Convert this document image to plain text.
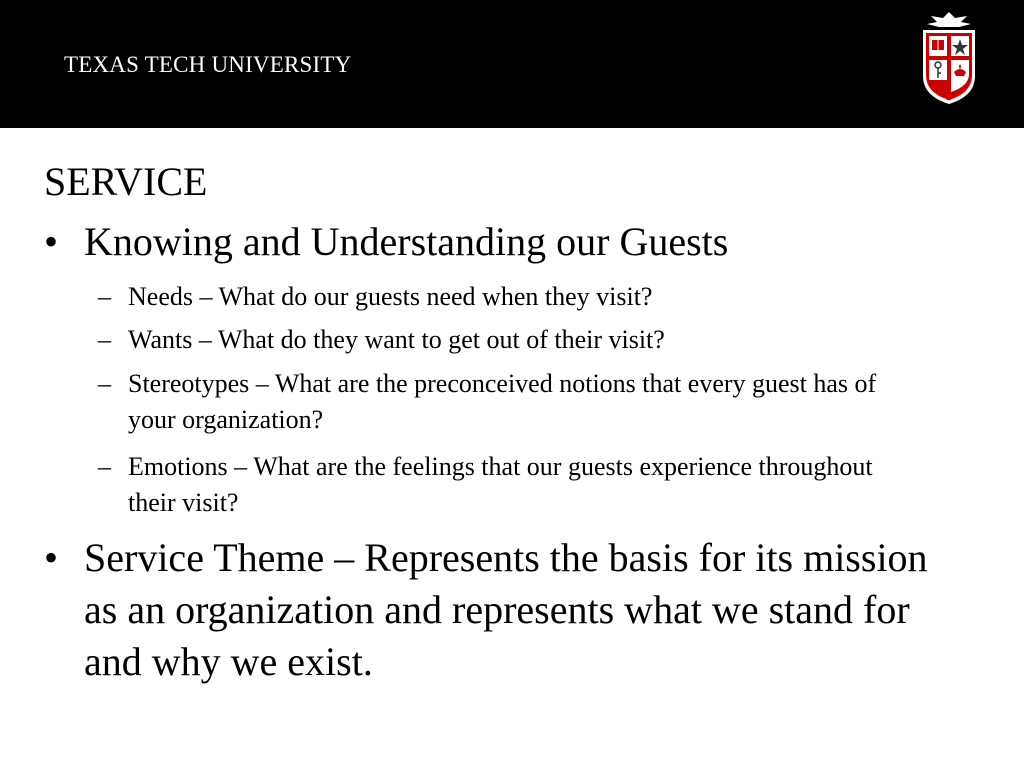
TEXAS TECH UNIVERSITY
SERVICE
• Knowing and Understanding our Guests
– Needs – What do our guests need when they visit?
– Wants – What do they want to get out of their visit?
– Stereotypes – What are the preconceived notions that every guest has of your organization?
– Emotions – What are the feelings that our guests experience throughout their visit?
• Service Theme – Represents the basis for its mission as an organization and represents what we stand for and why we exist.
